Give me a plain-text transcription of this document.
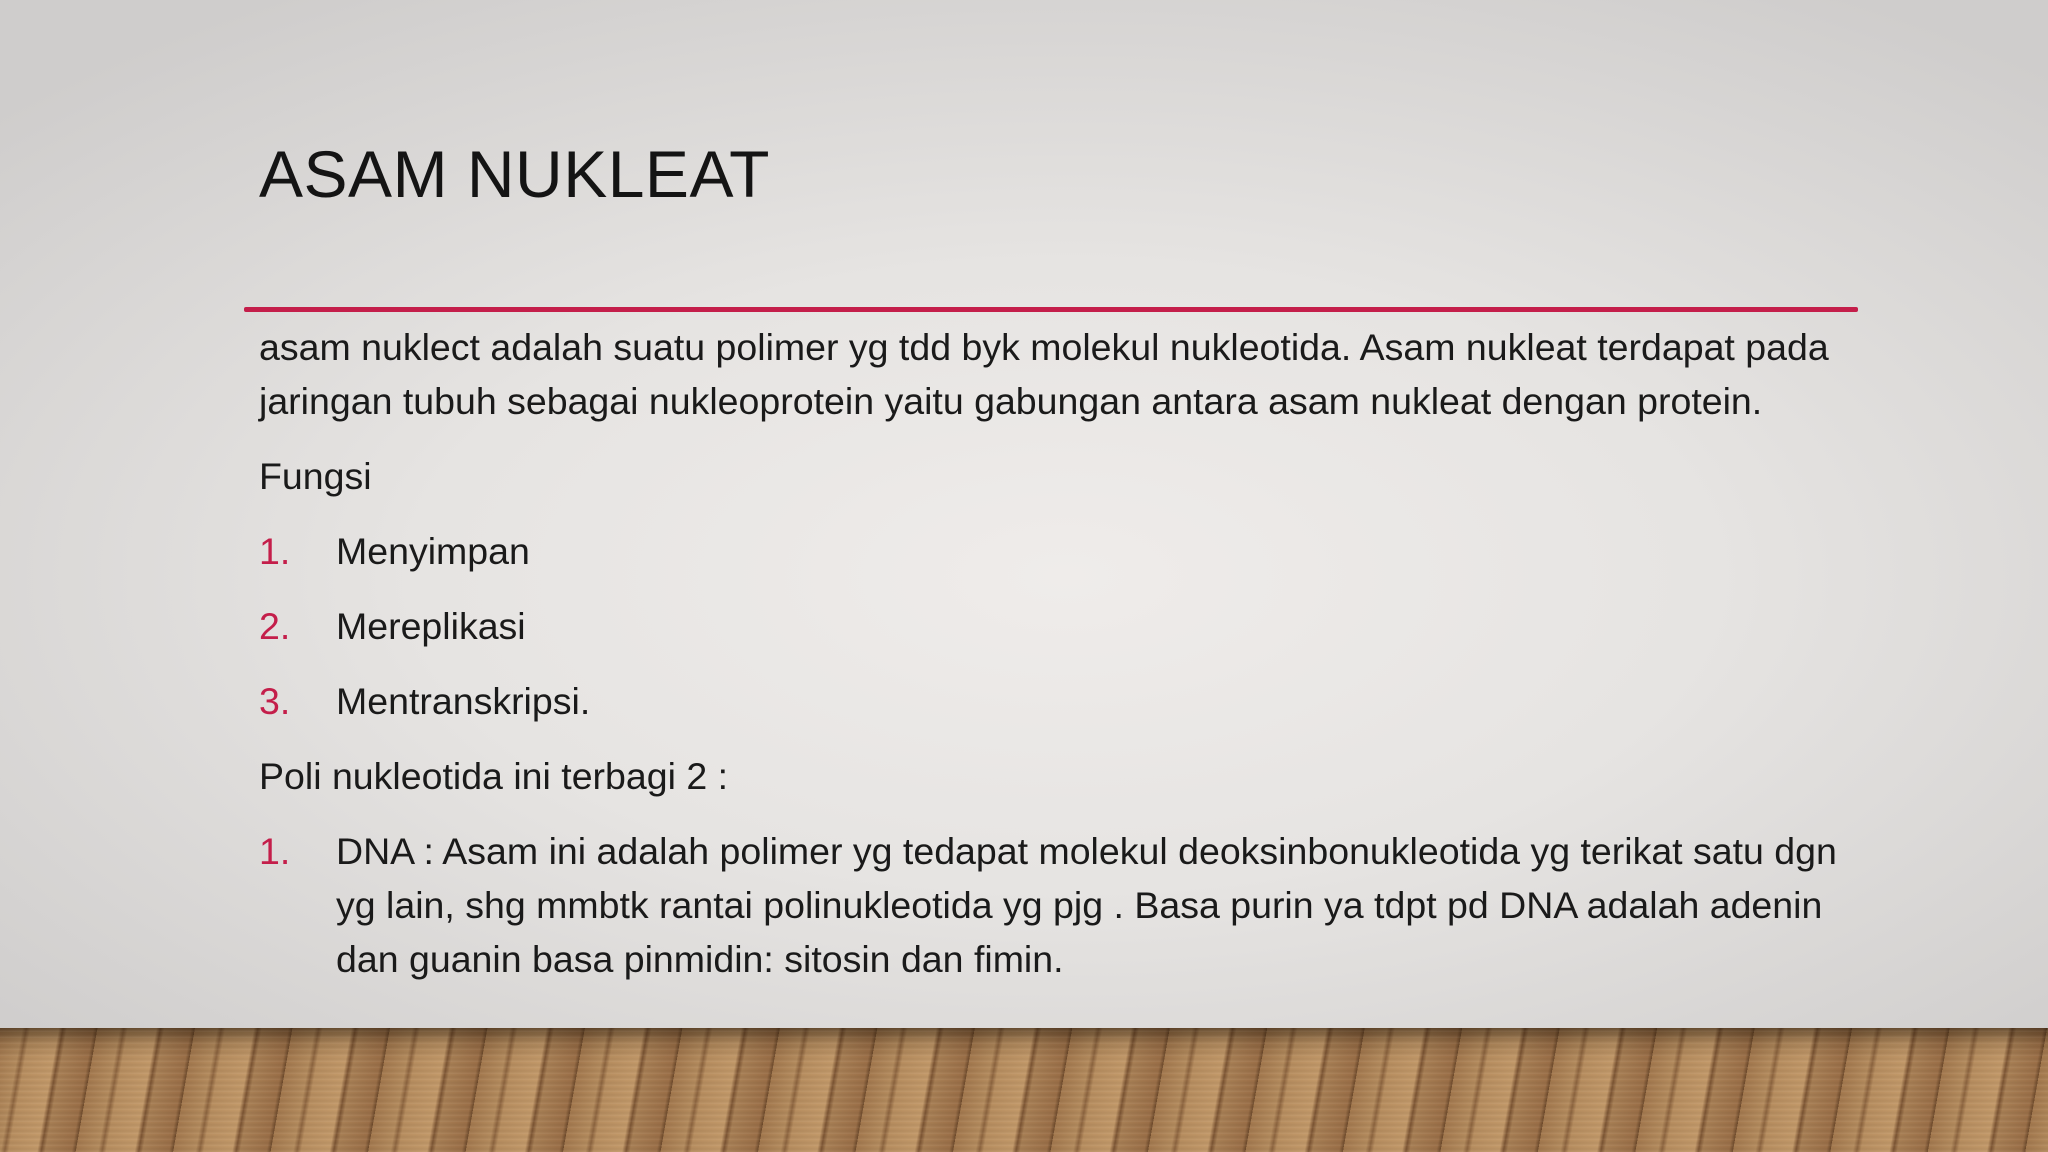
ASAM NUKLEAT

asam nuklect adalah suatu polimer yg tdd byk molekul nukleotida. Asam nukleat terdapat pada jaringan tubuh sebagai nukleoprotein yaitu gabungan antara asam nukleat dengan protein.

Fungsi

1. Menyimpan
2. Mereplikasi
3. Mentranskripsi.

Poli nukleotida ini terbagi 2 :

1. DNA : Asam ini adalah polimer yg tedapat molekul deoksinbonukleotida yg terikat satu dgn yg lain, shg mmbtk rantai polinukleotida yg pjg . Basa purin ya tdpt pd DNA adalah adenin dan guanin basa pinmidin: sitosin dan fimin.
